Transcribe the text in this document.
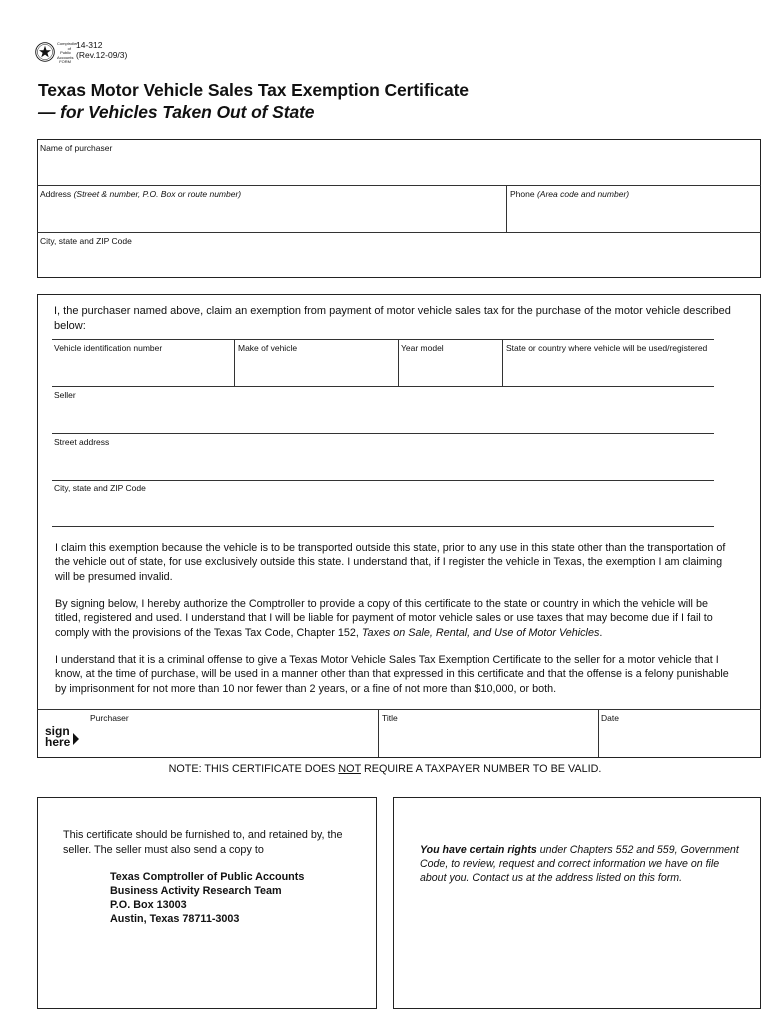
Comptroller
of Public
Accounts
FORM
14-312
(Rev.12-09/3)
Texas Motor Vehicle Sales Tax Exemption Certificate
— for Vehicles Taken Out of State
Name of purchaser
Address (Street & number, P.O. Box or route number)	Phone (Area code and number)
City, state and ZIP Code
I, the purchaser named above, claim an exemption from payment of motor vehicle sales tax for the purchase of the motor vehicle described below:
Vehicle identification number	Make of vehicle	Year model	State or country where vehicle will be used/registered
Seller
Street address
City, state and ZIP Code
I claim this exemption because the vehicle is to be transported outside this state, prior to any use in this state other than the transportation of the vehicle out of state, for use exclusively outside this state. I understand that, if I register the vehicle in Texas, the exemption I am claiming will be presumed invalid.
By signing below, I hereby authorize the Comptroller to provide a copy of this certificate to the state or country in which the vehicle will be titled, registered and used. I understand that I will be liable for payment of motor vehicle sales or use taxes that may become due if I fail to comply with the provisions of the Texas Tax Code, Chapter 152, Taxes on Sale, Rental, and Use of Motor Vehicles.
I understand that it is a criminal offense to give a Texas Motor Vehicle Sales Tax Exemption Certificate to the seller for a motor vehicle that I know, at the time of purchase, will be used in a manner other than that expressed in this certificate and that the offense is a felony punishable by imprisonment for not more than 10 nor fewer than 2 years, or a fine of not more than $10,000, or both.
sign
here
Purchaser	Title	Date
NOTE: THIS CERTIFICATE DOES NOT REQUIRE A TAXPAYER NUMBER TO BE VALID.
This certificate should be furnished to, and retained by, the seller. The seller must also send a copy to
Texas Comptroller of Public Accounts
Business Activity Research Team
P.O. Box 13003
Austin, Texas 78711-3003
You have certain rights under Chapters 552 and 559, Government Code, to review, request and correct information we have on file about you. Contact us at the address listed on this form.
